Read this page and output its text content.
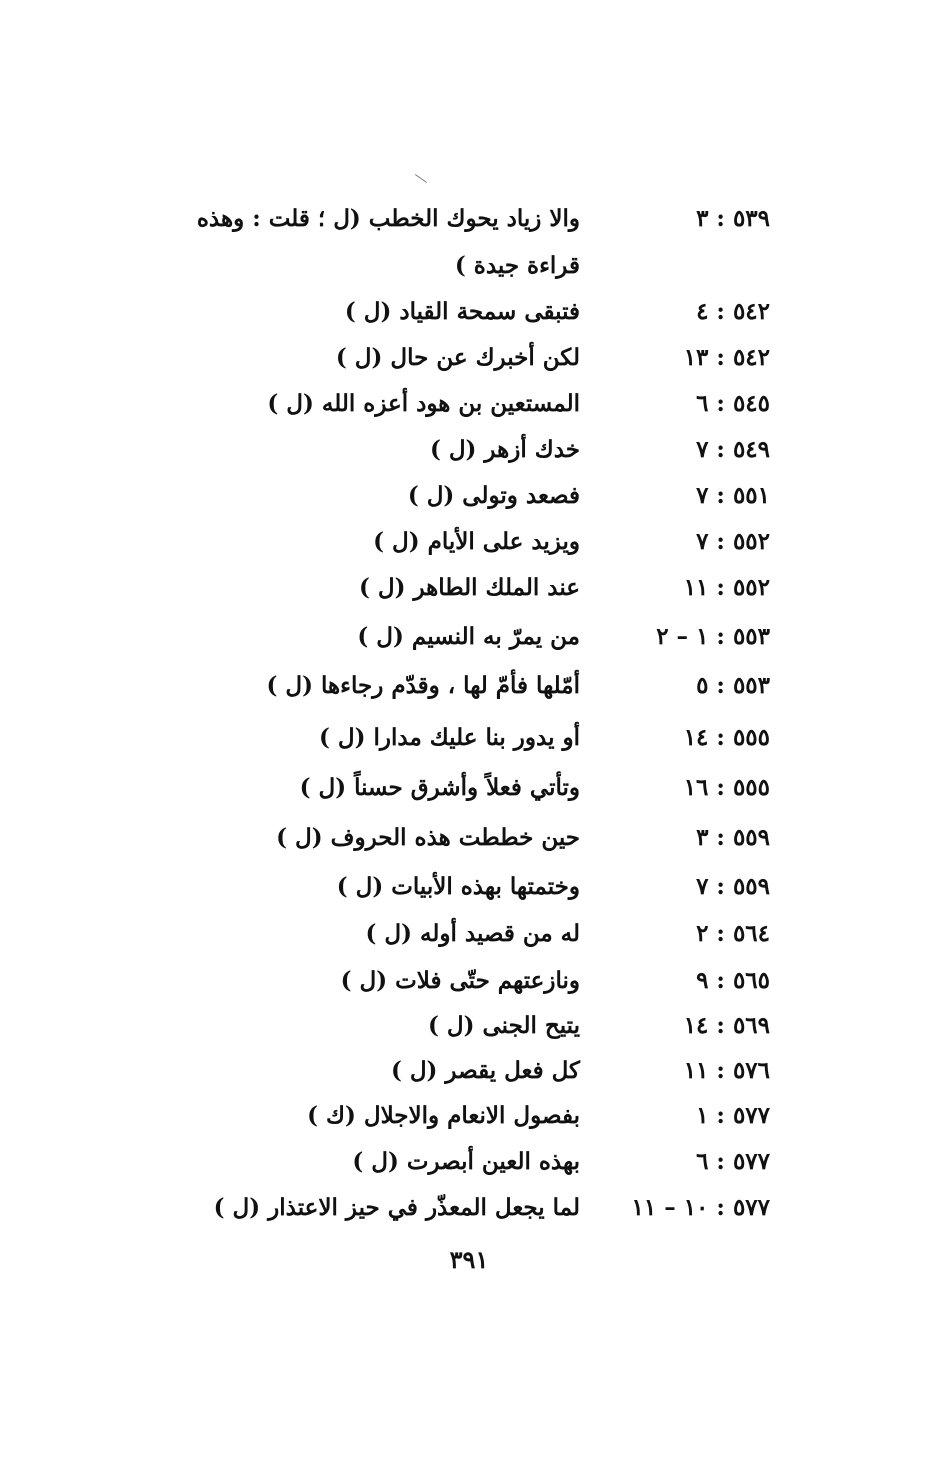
٥٣٩ : ٣
والا زياد يحوك الخطب (ل ؛ قلت : وهذه
قراءة جيدة )
٥٤٢ : ٤
فتبقى سمحة القياد (ل )
٥٤٢ : ١٣
لكن أخبرك عن حال (ل )
٥٤٥ : ٦
المستعين بن هود أعزه الله (ل )
٥٤٩ : ٧
خدك أزهر (ل )
٥٥١ : ٧
فصعد وتولى (ل )
٥٥٢ : ٧
ويزيد على الأيام (ل )
٥٥٢ : ١١
عند الملك الطاهر (ل )
٥٥٣ : ١ – ٢
من يمرّ به النسيم (ل )
٥٥٣ : ٥
أمّلها فأمّ لها ، وقدّم رجاءها (ل )
٥٥٥ : ١٤
أو يدور بنا عليك مدارا (ل )
٥٥٥ : ١٦
وتأتي فعلاً وأشرق حسناً (ل )
٥٥٩ : ٣
حين خططت هذه الحروف (ل )
٥٥٩ : ٧
وختمتها بهذه الأبيات (ل )
٥٦٤ : ٢
له من قصيد أوله (ل )
٥٦٥ : ٩
ونازعتهم حتّى فلات (ل )
٥٦٩ : ١٤
يتيح الجنى (ل )
٥٧٦ : ١١
كل فعل يقصر (ل )
٥٧٧ : ١
بفصول الانعام والاجلال (ك )
٥٧٧ : ٦
بهذه العين أبصرت (ل )
٥٧٧ : ١٠ – ١١
لما يجعل المعذّر في حيز الاعتذار (ل )
٣٩١
